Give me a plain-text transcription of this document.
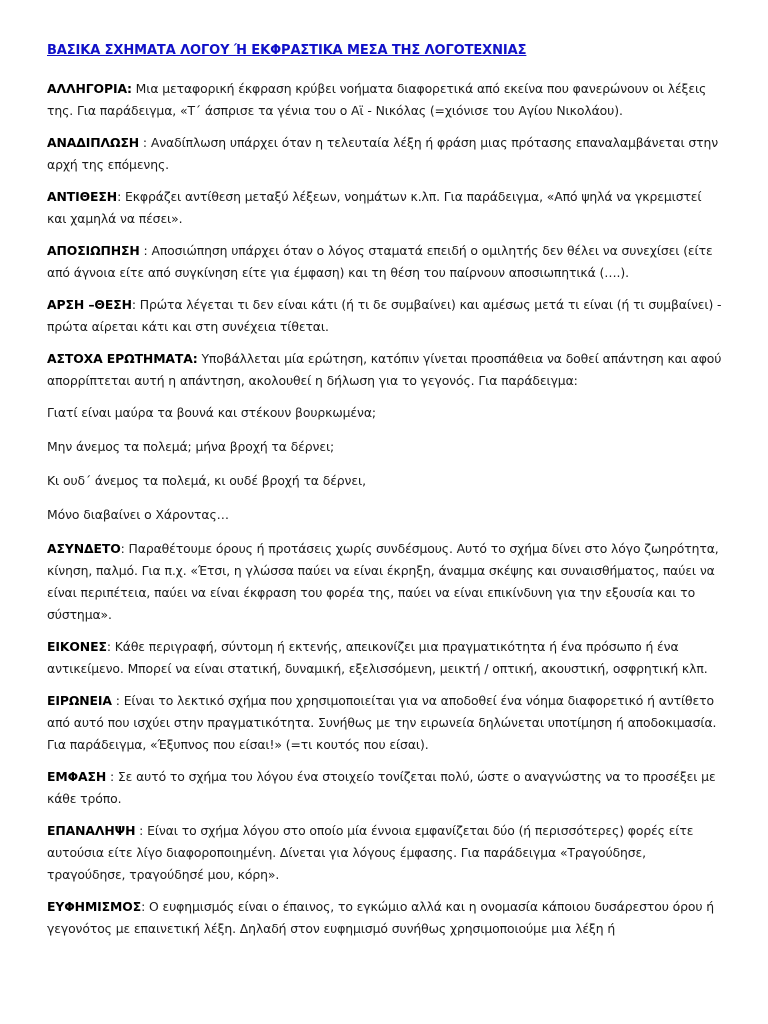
ΒΑΣΙΚΑ ΣΧΗΜΑΤΑ ΛΟΓΟΥ Ή ΕΚΦΡΑΣΤΙΚΑ ΜΕΣΑ ΤΗΣ ΛΟΓΟΤΕΧΝΙΑΣ

ΑΛΛΗΓΟΡΙΑ: Μια μεταφορική έκφραση κρύβει νοήματα διαφορετικά από εκείνα που φανερώνουν οι λέξεις της. Για παράδειγμα, «Τ΄ άσπρισε τα γένια του ο Αϊ - Νικόλας (=χιόνισε του Αγίου Νικολάου).

ΑΝΑΔΙΠΛΩΣΗ : Αναδίπλωση υπάρχει όταν η τελευταία λέξη ή φράση μιας πρότασης επαναλαμβάνεται στην αρχή της επόμενης.

ΑΝΤΙΘΕΣΗ: Εκφράζει αντίθεση μεταξύ λέξεων, νοημάτων κ.λπ. Για παράδειγμα, «Από ψηλά να γκρεμιστεί και χαμηλά να πέσει».

ΑΠΟΣΙΩΠΗΣΗ : Αποσιώπηση υπάρχει όταν ο λόγος σταματά επειδή ο ομιλητής δεν θέλει να συνεχίσει (είτε από άγνοια είτε από συγκίνηση είτε για έμφαση) και τη θέση του παίρνουν αποσιωπητικά (….).

ΑΡΣΗ –ΘΕΣΗ: Πρώτα λέγεται τι δεν είναι κάτι (ή τι δε συμβαίνει) και αμέσως μετά τι είναι (ή τι συμβαίνει) - πρώτα αίρεται κάτι και στη συνέχεια τίθεται.

ΑΣΤΟΧΑ ΕΡΩΤΗΜΑΤΑ: Υποβάλλεται μία ερώτηση, κατόπιν γίνεται προσπάθεια να δοθεί απάντηση και αφού απορρίπτεται αυτή η απάντηση, ακολουθεί η δήλωση για το γεγονός. Για παράδειγμα:

Γιατί είναι μαύρα τα βουνά και στέκουν βουρκωμένα;

Μην άνεμος τα πολεμά; μήνα βροχή τα δέρνει;

Κι ουδ΄ άνεμος τα πολεμά, κι ουδέ βροχή τα δέρνει,

Μόνο διαβαίνει ο Χάροντας…

ΑΣΥΝΔΕΤΟ: Παραθέτουμε όρους ή προτάσεις χωρίς συνδέσμους. Αυτό το σχήμα δίνει στο λόγο ζωηρότητα, κίνηση, παλμό. Για π.χ. «Έτσι, η γλώσσα παύει να είναι έκρηξη, άναμμα σκέψης και συναισθήματος, παύει να είναι περιπέτεια, παύει να είναι έκφραση του φορέα της, παύει να είναι επικίνδυνη για την εξουσία και το σύστημα».

ΕΙΚΟΝΕΣ: Κάθε περιγραφή, σύντομη ή εκτενής, απεικονίζει μια πραγματικότητα ή ένα πρόσωπο ή ένα αντικείμενο. Μπορεί να είναι στατική, δυναμική, εξελισσόμενη, μεικτή / οπτική, ακουστική, οσφρητική κλπ.

ΕΙΡΩΝΕΙΑ : Είναι το λεκτικό σχήμα που χρησιμοποιείται για να αποδοθεί ένα νόημα διαφορετικό ή αντίθετο από αυτό που ισχύει στην πραγματικότητα. Συνήθως με την ειρωνεία δηλώνεται υποτίμηση ή αποδοκιμασία. Για παράδειγμα, «Έξυπνος που είσαι!» (=τι κουτός που είσαι).

ΕΜΦΑΣΗ : Σε αυτό το σχήμα του λόγου ένα στοιχείο τονίζεται πολύ, ώστε ο αναγνώστης να το προσέξει με κάθε τρόπο.

ΕΠΑΝΑΛΗΨΗ : Είναι το σχήμα λόγου στο οποίο μία έννοια εμφανίζεται δύο (ή περισσότερες) φορές είτε αυτούσια είτε λίγο διαφοροποιημένη. Δίνεται για λόγους έμφασης. Για παράδειγμα «Τραγούδησε, τραγούδησε, τραγούδησέ μου, κόρη».

ΕΥΦΗΜΙΣΜΟΣ: Ο ευφημισμός είναι ο έπαινος, το εγκώμιο αλλά και η ονομασία κάποιου δυσάρεστου όρου ή γεγονότος με επαινετική λέξη. Δηλαδή στον ευφημισμό συνήθως χρησιμοποιούμε μια λέξη ή
